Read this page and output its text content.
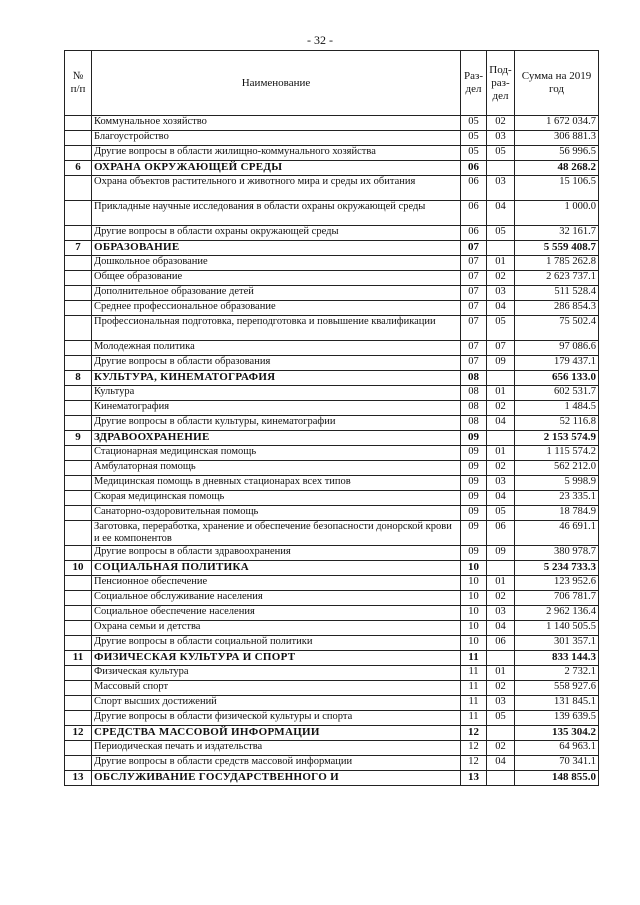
- 32 -
№ п/п	Наименование	Раз- дел	Под- раз- дел	Сумма на 2019 год
	Коммунальное хозяйство	05	02	1 672 034.7
	Благоустройство	05	03	306 881.3
	Другие вопросы в области жилищно-коммунального хозяйства	05	05	56 996.5
6	ОХРАНА ОКРУЖАЮЩЕЙ СРЕДЫ	06		48 268.2
	Охрана объектов растительного и животного мира и среды их обитания	06	03	15 106.5
	Прикладные научные исследования в области охраны окружающей среды	06	04	1 000.0
	Другие вопросы в области охраны окружающей среды	06	05	32 161.7
7	ОБРАЗОВАНИЕ	07		5 559 408.7
	Дошкольное образование	07	01	1 785 262.8
	Общее образование	07	02	2 623 737.1
	Дополнительное образование детей	07	03	511 528.4
	Среднее профессиональное образование	07	04	286 854.3
	Профессиональная подготовка, переподготовка и повышение квалификации	07	05	75 502.4
	Молодежная политика	07	07	97 086.6
	Другие вопросы в области образования	07	09	179 437.1
8	КУЛЬТУРА, КИНЕМАТОГРАФИЯ	08		656 133.0
	Культура	08	01	602 531.7
	Кинематография	08	02	1 484.5
	Другие вопросы в области культуры, кинематографии	08	04	52 116.8
9	ЗДРАВООХРАНЕНИЕ	09		2 153 574.9
	Стационарная медицинская помощь	09	01	1 115 574.2
	Амбулаторная помощь	09	02	562 212.0
	Медицинская помощь в дневных стационарах всех типов	09	03	5 998.9
	Скорая медицинская помощь	09	04	23 335.1
	Санаторно-оздоровительная помощь	09	05	18 784.9
	Заготовка, переработка, хранение и обеспечение безопасности донорской крови и ее компонентов	09	06	46 691.1
	Другие вопросы в области здравоохранения	09	09	380 978.7
10	СОЦИАЛЬНАЯ ПОЛИТИКА	10		5 234 733.3
	Пенсионное обеспечение	10	01	123 952.6
	Социальное обслуживание населения	10	02	706 781.7
	Социальное обеспечение населения	10	03	2 962 136.4
	Охрана семьи и детства	10	04	1 140 505.5
	Другие вопросы в области социальной политики	10	06	301 357.1
11	ФИЗИЧЕСКАЯ КУЛЬТУРА И СПОРТ	11		833 144.3
	Физическая культура	11	01	2 732.1
	Массовый спорт	11	02	558 927.6
	Спорт высших достижений	11	03	131 845.1
	Другие вопросы в области физической культуры и спорта	11	05	139 639.5
12	СРЕДСТВА МАССОВОЙ ИНФОРМАЦИИ	12		135 304.2
	Периодическая печать и издательства	12	02	64 963.1
	Другие вопросы в области средств массовой информации	12	04	70 341.1
13	ОБСЛУЖИВАНИЕ ГОСУДАРСТВЕННОГО И	13		148 855.0
